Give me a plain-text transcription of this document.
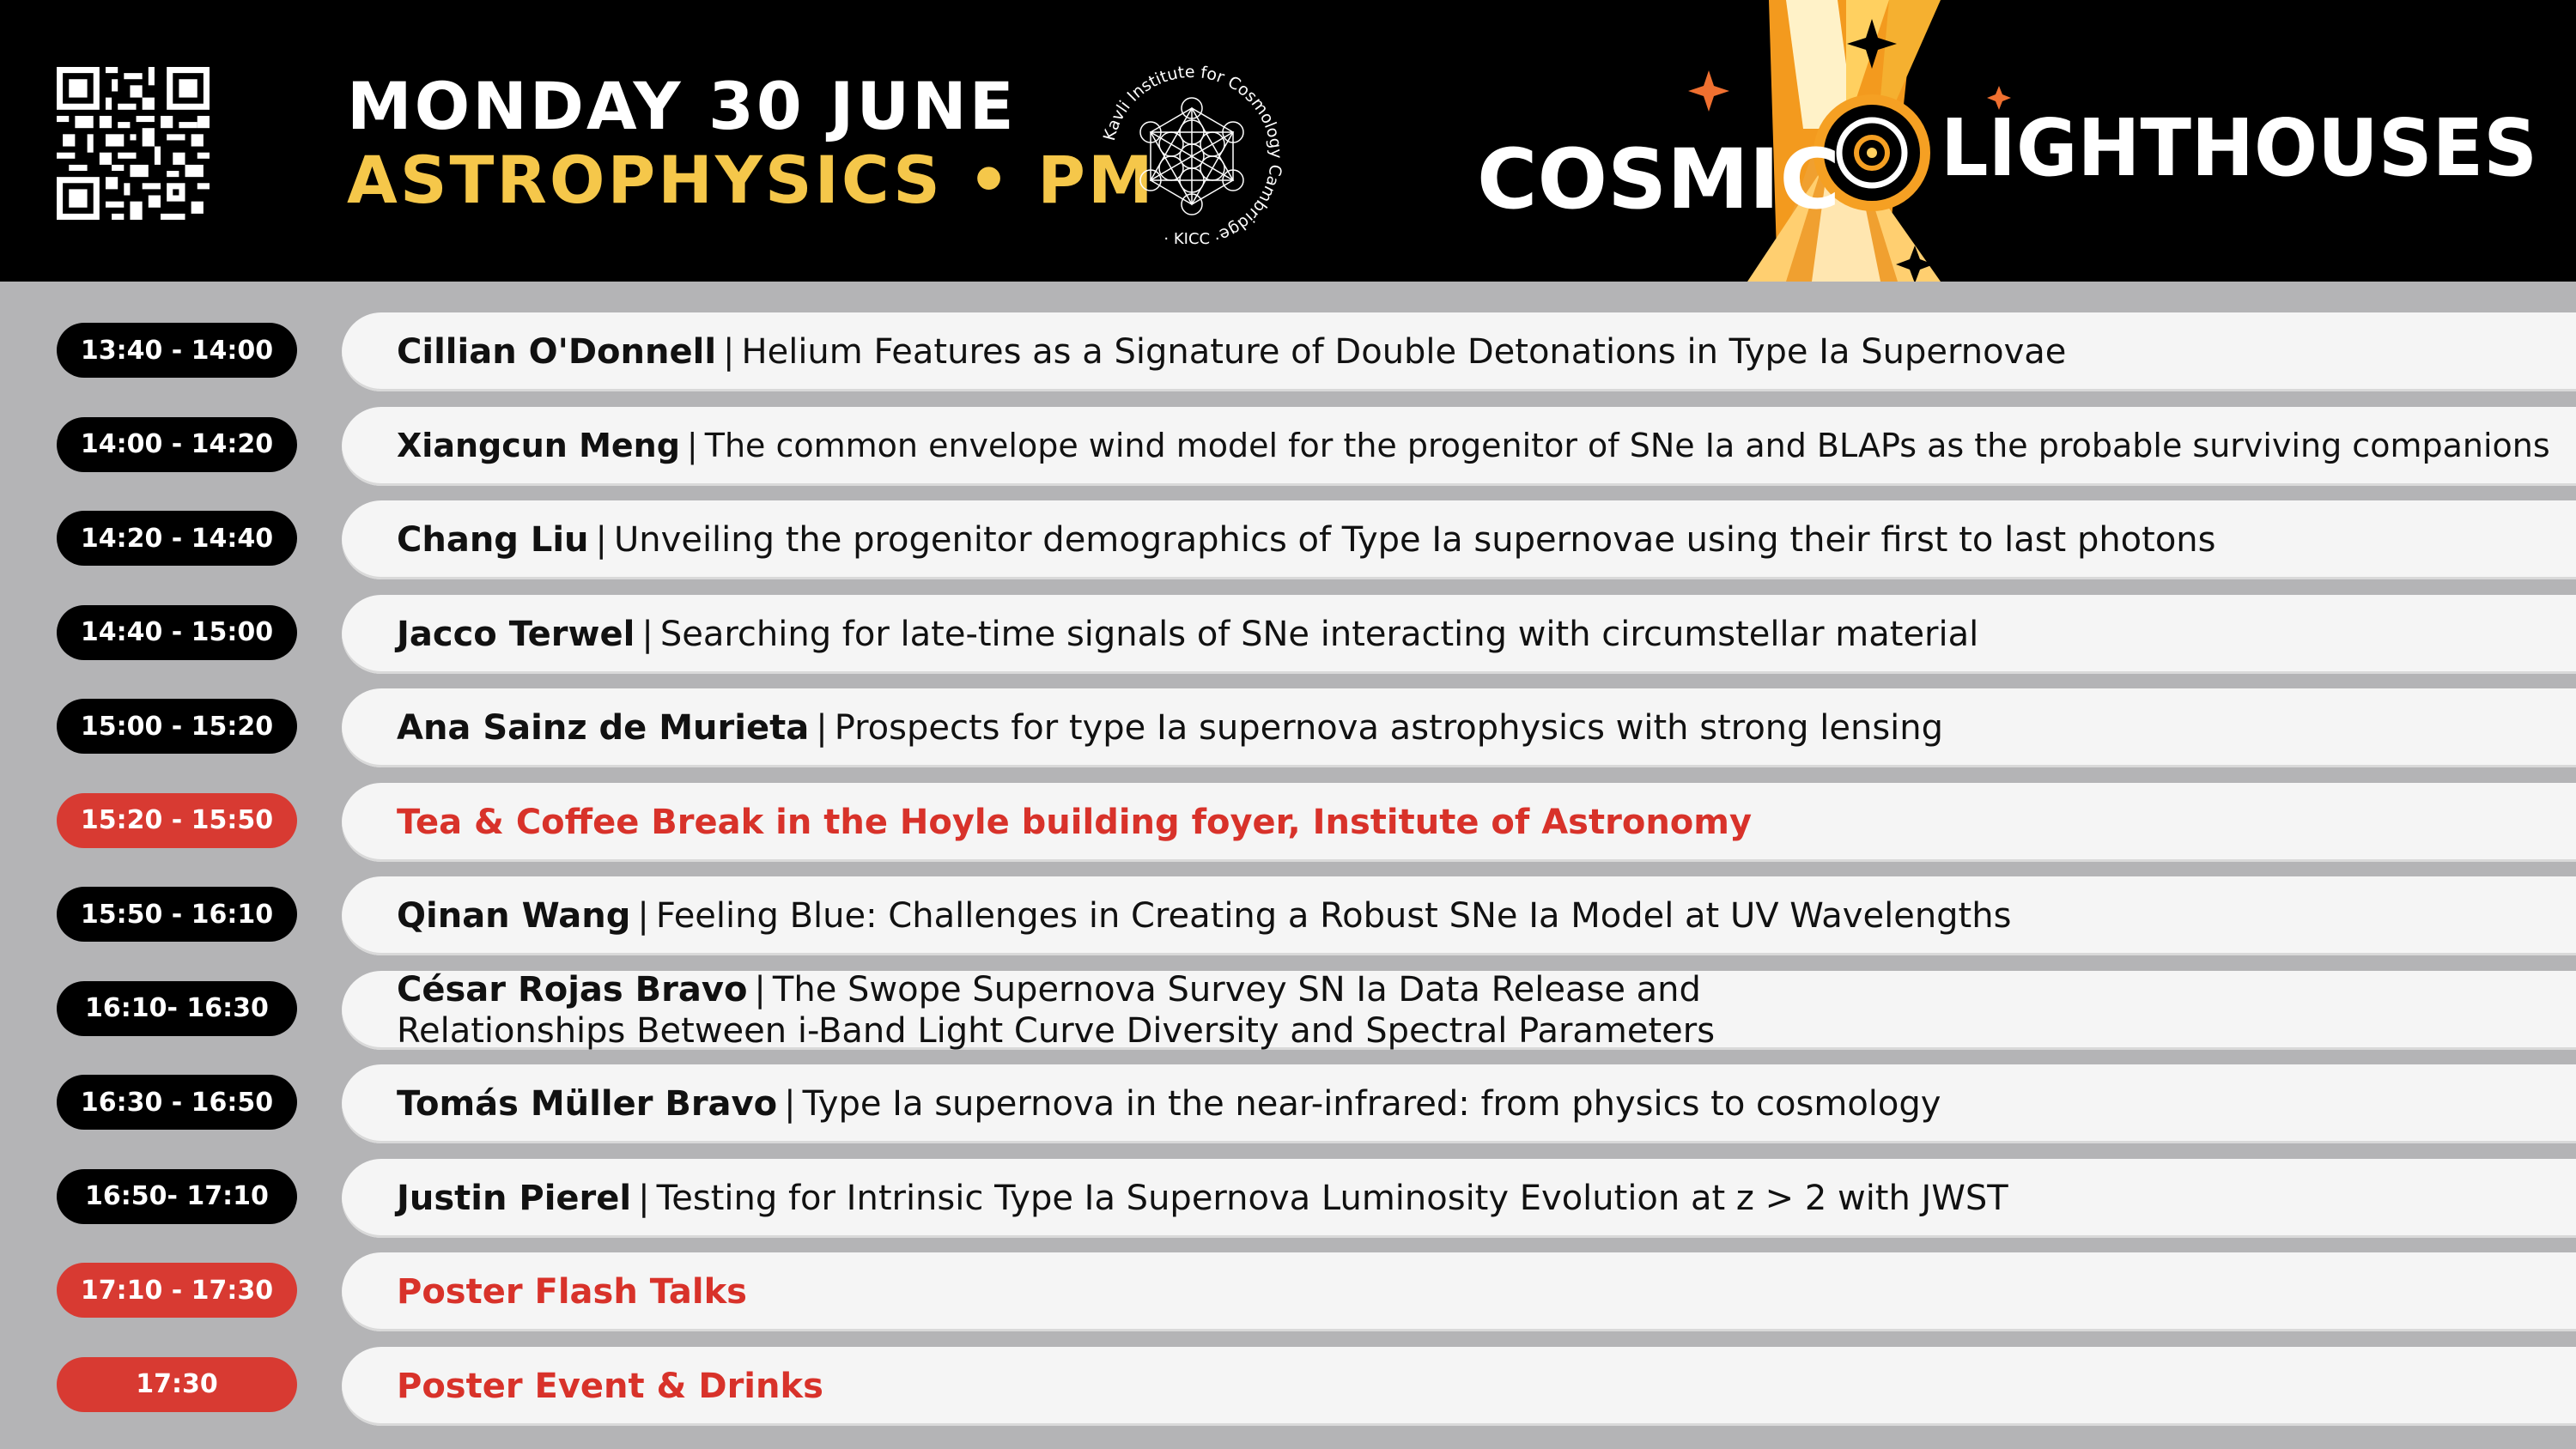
MONDAY 30 JUNE
ASTROPHYSICS • PM
Kavli Institute for Cosmology Cambridge
· KICC ·
COSMIC LIGHTHOUSES
13:40 - 14:00	Cillian O'Donnell | Helium Features as a Signature of Double Detonations in Type Ia Supernovae
14:00 - 14:20	Xiangcun Meng | The common envelope wind model for the progenitor of SNe Ia and BLAPs as the probable surviving companions
14:20 - 14:40	Chang Liu | Unveiling the progenitor demographics of Type Ia supernovae using their first to last photons
14:40 - 15:00	Jacco Terwel | Searching for late-time signals of SNe interacting with circumstellar material
15:00 - 15:20	Ana Sainz de Murieta | Prospects for type Ia supernova astrophysics with strong lensing
15:20 - 15:50	Tea & Coffee Break in the Hoyle building foyer, Institute of Astronomy
15:50 - 16:10	Qinan Wang | Feeling Blue: Challenges in Creating a Robust SNe Ia Model at UV Wavelengths
16:10- 16:30	César Rojas Bravo | The Swope Supernova Survey SN Ia Data Release and
Relationships Between i-Band Light Curve Diversity and Spectral Parameters
16:30 - 16:50	Tomás Müller Bravo | Type Ia supernova in the near-infrared: from physics to cosmology
16:50- 17:10	Justin Pierel | Testing for Intrinsic Type Ia Supernova Luminosity Evolution at z > 2 with JWST
17:10 - 17:30	Poster Flash Talks
17:30	Poster Event & Drinks
